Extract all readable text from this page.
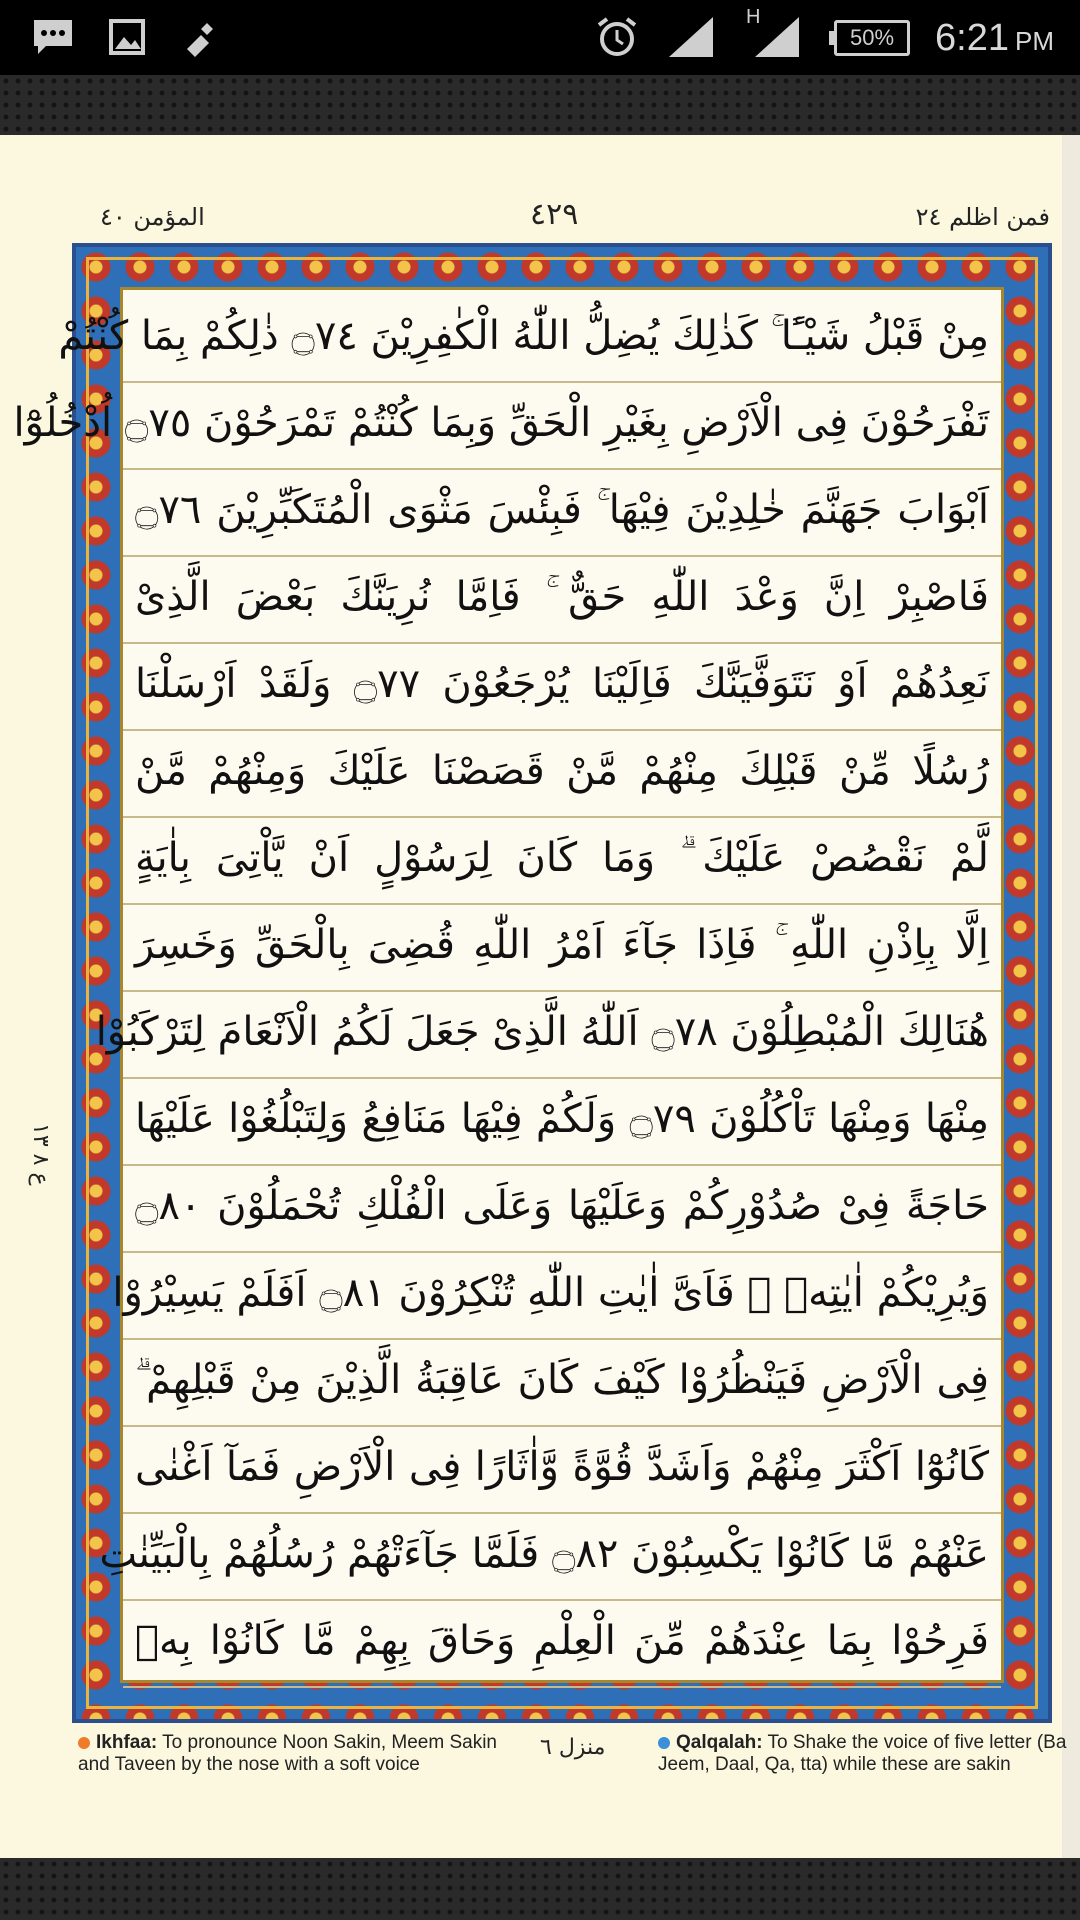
H
50%	6:21 PM
المؤمن ٤٠	٤٢٩	فمن اظلم ٢٤
ع ٨ ١٣
مِنْ قَبْلُ شَيْـًٔا ۚ كَذٰلِكَ يُضِلُّ اللّٰهُ الْكٰفِرِيْنَ ۝٧٤ ذٰلِكُمْ بِمَا كُنْتُمْ
تَفْرَحُوْنَ فِى الْاَرْضِ بِغَيْرِ الْحَقِّ وَبِمَا كُنْتُمْ تَمْرَحُوْنَ ۝٧٥ اُدْخُلُوْٓا
اَبْوَابَ جَهَنَّمَ خٰلِدِيْنَ فِيْهَا ۚ فَبِئْسَ مَثْوَى الْمُتَكَبِّرِيْنَ ۝٧٦
فَاصْبِرْ اِنَّ وَعْدَ اللّٰهِ حَقٌّ ۚ فَاِمَّا نُرِيَنَّكَ بَعْضَ الَّذِىْ
نَعِدُهُمْ اَوْ نَتَوَفَّيَنَّكَ فَاِلَيْنَا يُرْجَعُوْنَ ۝٧٧ وَلَقَدْ اَرْسَلْنَا
رُسُلًا مِّنْ قَبْلِكَ مِنْهُمْ مَّنْ قَصَصْنَا عَلَيْكَ وَمِنْهُمْ مَّنْ
لَّمْ نَقْصُصْ عَلَيْكَ ۗ وَمَا كَانَ لِرَسُوْلٍ اَنْ يَّاْتِىَ بِاٰيَةٍ
اِلَّا بِاِذْنِ اللّٰهِ ۚ فَاِذَا جَآءَ اَمْرُ اللّٰهِ قُضِىَ بِالْحَقِّ وَخَسِرَ
هُنَالِكَ الْمُبْطِلُوْنَ ۝٧٨ اَللّٰهُ الَّذِىْ جَعَلَ لَكُمُ الْاَنْعَامَ لِتَرْكَبُوْا
مِنْهَا وَمِنْهَا تَاْكُلُوْنَ ۝٧٩ وَلَكُمْ فِيْهَا مَنَافِعُ وَلِتَبْلُغُوْا عَلَيْهَا
حَاجَةً فِىْ صُدُوْرِكُمْ وَعَلَيْهَا وَعَلَى الْفُلْكِ تُحْمَلُوْنَ ۝٨٠
وَيُرِيْكُمْ اٰيٰتِهٖ ۖ فَاَىَّ اٰيٰتِ اللّٰهِ تُنْكِرُوْنَ ۝٨١ اَفَلَمْ يَسِيْرُوْا
فِى الْاَرْضِ فَيَنْظُرُوْا كَيْفَ كَانَ عَاقِبَةُ الَّذِيْنَ مِنْ قَبْلِهِمْ ۗ
كَانُوْٓا اَكْثَرَ مِنْهُمْ وَاَشَدَّ قُوَّةً وَّاٰثَارًا فِى الْاَرْضِ فَمَآ اَغْنٰى
عَنْهُمْ مَّا كَانُوْا يَكْسِبُوْنَ ۝٨٢ فَلَمَّا جَآءَتْهُمْ رُسُلُهُمْ بِالْبَيِّنٰتِ
فَرِحُوْا بِمَا عِنْدَهُمْ مِّنَ الْعِلْمِ وَحَاقَ بِهِمْ مَّا كَانُوْا بِهٖ
Ikhfaa: To pronounce Noon Sakin, Meem Sakin and Taveen by the nose with a soft voice
منزل ٦	Qalqalah: To Shake the voice of five letter (Ba Jeem, Daal, Qa, tta) while these are sakin
